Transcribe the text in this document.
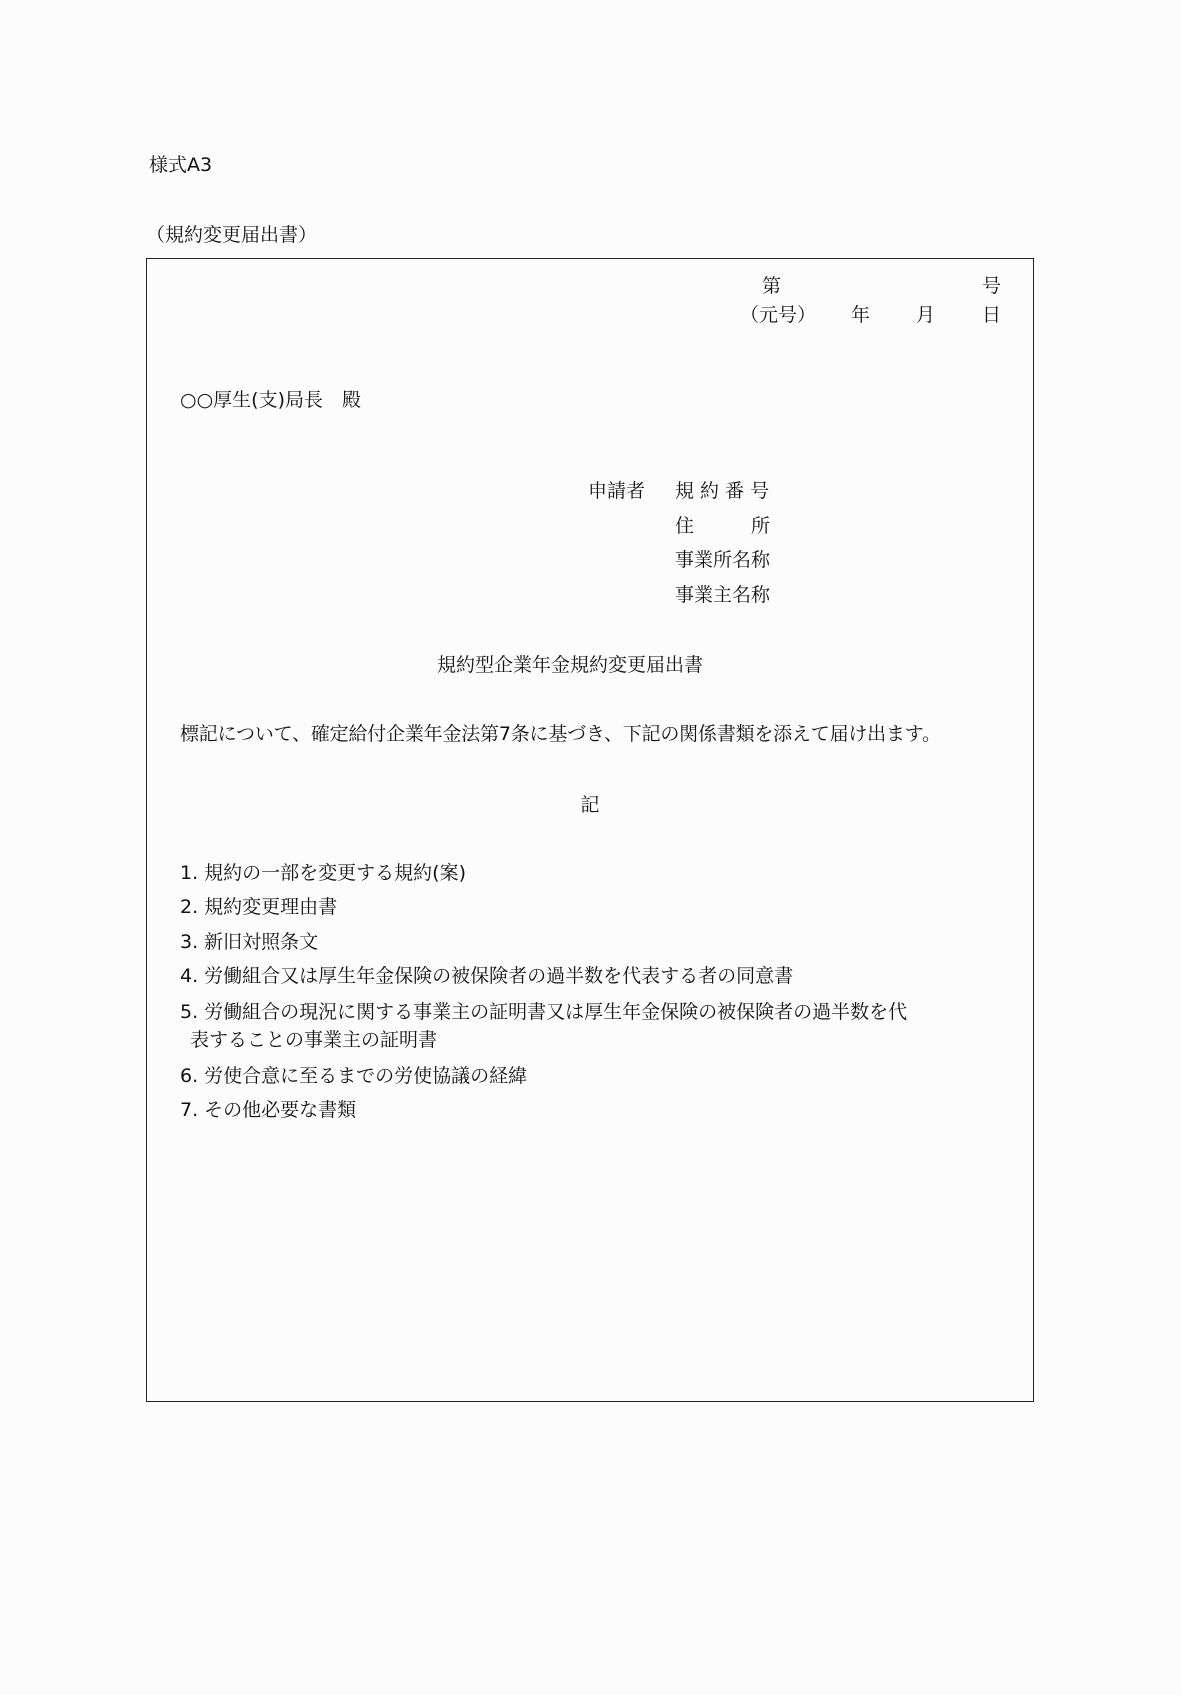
様式A3
（規約変更届出書）
第	号
（元号） 年 月 日
○○厚生(支)局長　殿
申請者 規 約 番 号
住　　　所
事業所名称
事業主名称
規約型企業年金規約変更届出書
標記について、確定給付企業年金法第7条に基づき、下記の関係書類を添えて届け出ます。
記
1. 規約の一部を変更する規約(案)
2. 規約変更理由書
3. 新旧対照条文
4. 労働組合又は厚生年金保険の被保険者の過半数を代表する者の同意書
5. 労働組合の現況に関する事業主の証明書又は厚生年金保険の被保険者の過半数を代
表することの事業主の証明書
6. 労使合意に至るまでの労使協議の経緯
7. その他必要な書類
